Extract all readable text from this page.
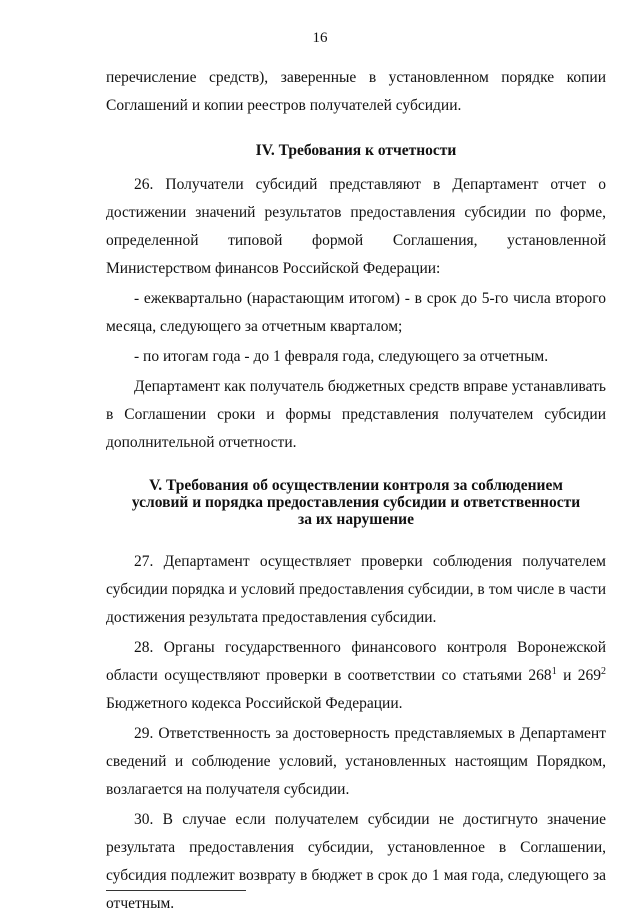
16

перечисление средств), заверенные в установленном порядке копии Соглашений и копии реестров получателей субсидии.

IV. Требования к отчетности

26. Получатели субсидий представляют в Департамент отчет о достижении значений результатов предоставления субсидии по форме, определенной типовой формой Соглашения, установленной Министерством финансов Российской Федерации:

- ежеквартально (нарастающим итогом) - в срок до 5-го числа второго месяца, следующего за отчетным кварталом;

- по итогам года - до 1 февраля года, следующего за отчетным.

Департамент как получатель бюджетных средств вправе устанавливать в Соглашении сроки и формы представления получателем субсидии дополнительной отчетности.

V. Требования об осуществлении контроля за соблюдением
условий и порядка предоставления субсидии и ответственности
за их нарушение

27. Департамент осуществляет проверки соблюдения получателем субсидии порядка и условий предоставления субсидии, в том числе в части достижения результата предоставления субсидии.

28. Органы государственного финансового контроля Воронежской области осуществляют проверки в соответствии со статьями $268^1$ и $269^2$ Бюджетного кодекса Российской Федерации.

29. Ответственность за достоверность представляемых в Департамент сведений и соблюдение условий, установленных настоящим Порядком, возлагается на получателя субсидии.

30. В случае если получателем субсидии не достигнуто значение результата предоставления субсидии, установленное в Соглашении, субсидия подлежит возврату в бюджет в срок до 1 мая года, следующего за отчетным.
